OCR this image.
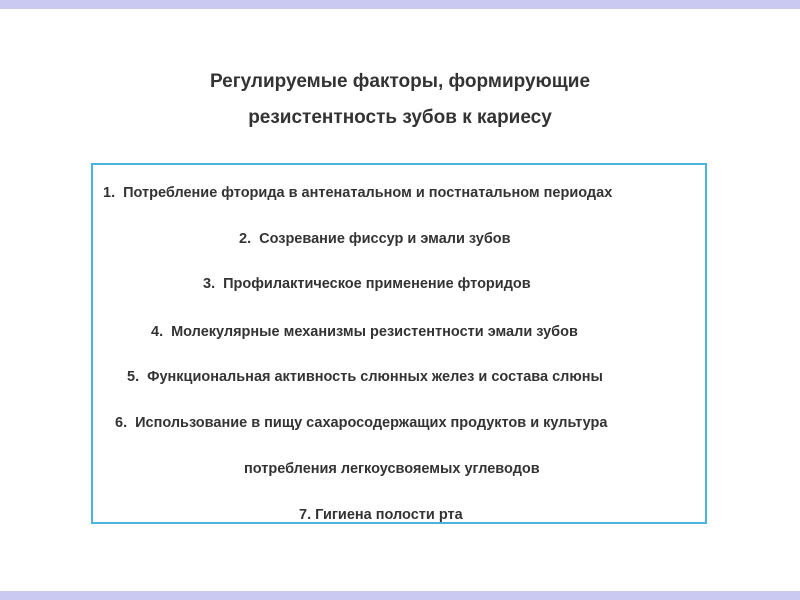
Регулируемые факторы, формирующие
резистентность зубов к кариесу
1. Потребление фторида в антенатальном и постнатальном периодах
2. Созревание фиссур и эмали зубов
3. Профилактическое применение фторидов
4. Молекулярные механизмы резистентности эмали зубов
5. Функциональная активность слюнных желез и состава слюны
6. Использование в пищу сахаросодержащих продуктов и культура
потребления легкоусвояемых углеводов
7. Гигиена полости рта
